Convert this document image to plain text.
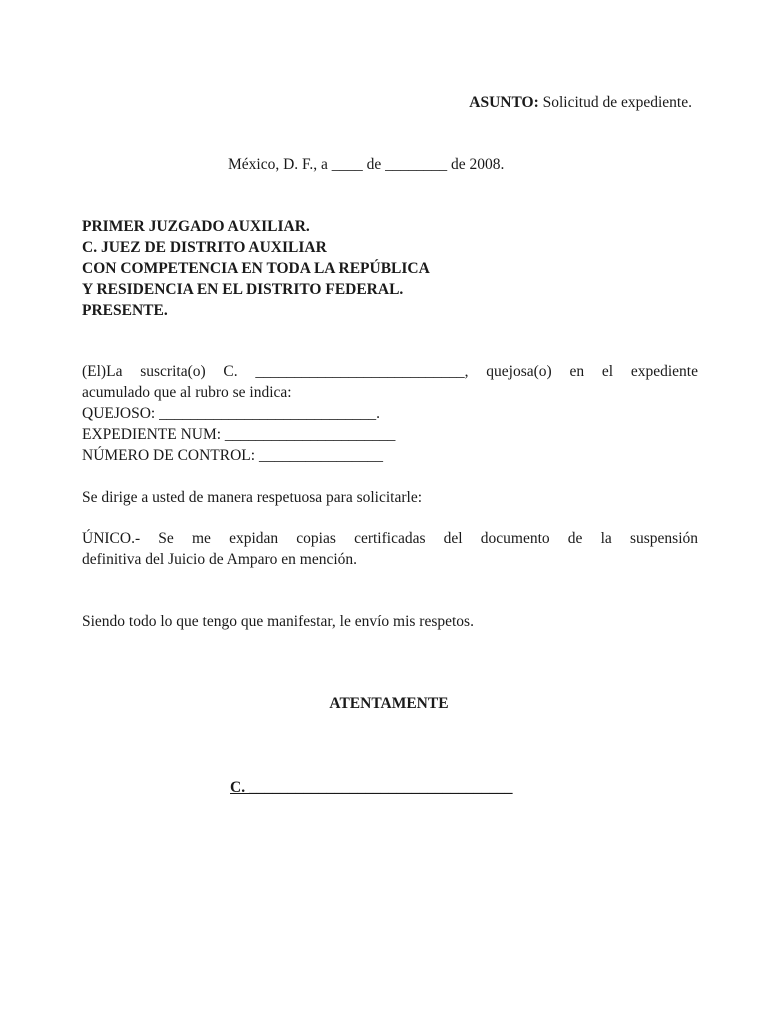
ASUNTO: Solicitud de expediente.
México, D. F., a ____ de ________ de 2008.
PRIMER JUZGADO AUXILIAR.
C. JUEZ DE DISTRITO AUXILIAR
CON COMPETENCIA EN TODA LA REPÚBLICA
Y RESIDENCIA EN EL DISTRITO FEDERAL.
PRESENTE.
(El)La suscrita(o) C. ___________________________, quejosa(o) en el expediente
acumulado que al rubro se indica:
QUEJOSO: ____________________________.
EXPEDIENTE NUM: ______________________
NÚMERO DE CONTROL: ________________
Se dirige a usted de manera respetuosa para solicitarle:
ÚNICO.- Se me expidan copias certificadas del documento de la suspensión
definitiva del Juicio de Amparo en mención.
Siendo todo lo que tengo que manifestar, le envío mis respetos.
ATENTAMENTE
C. __________________________________
